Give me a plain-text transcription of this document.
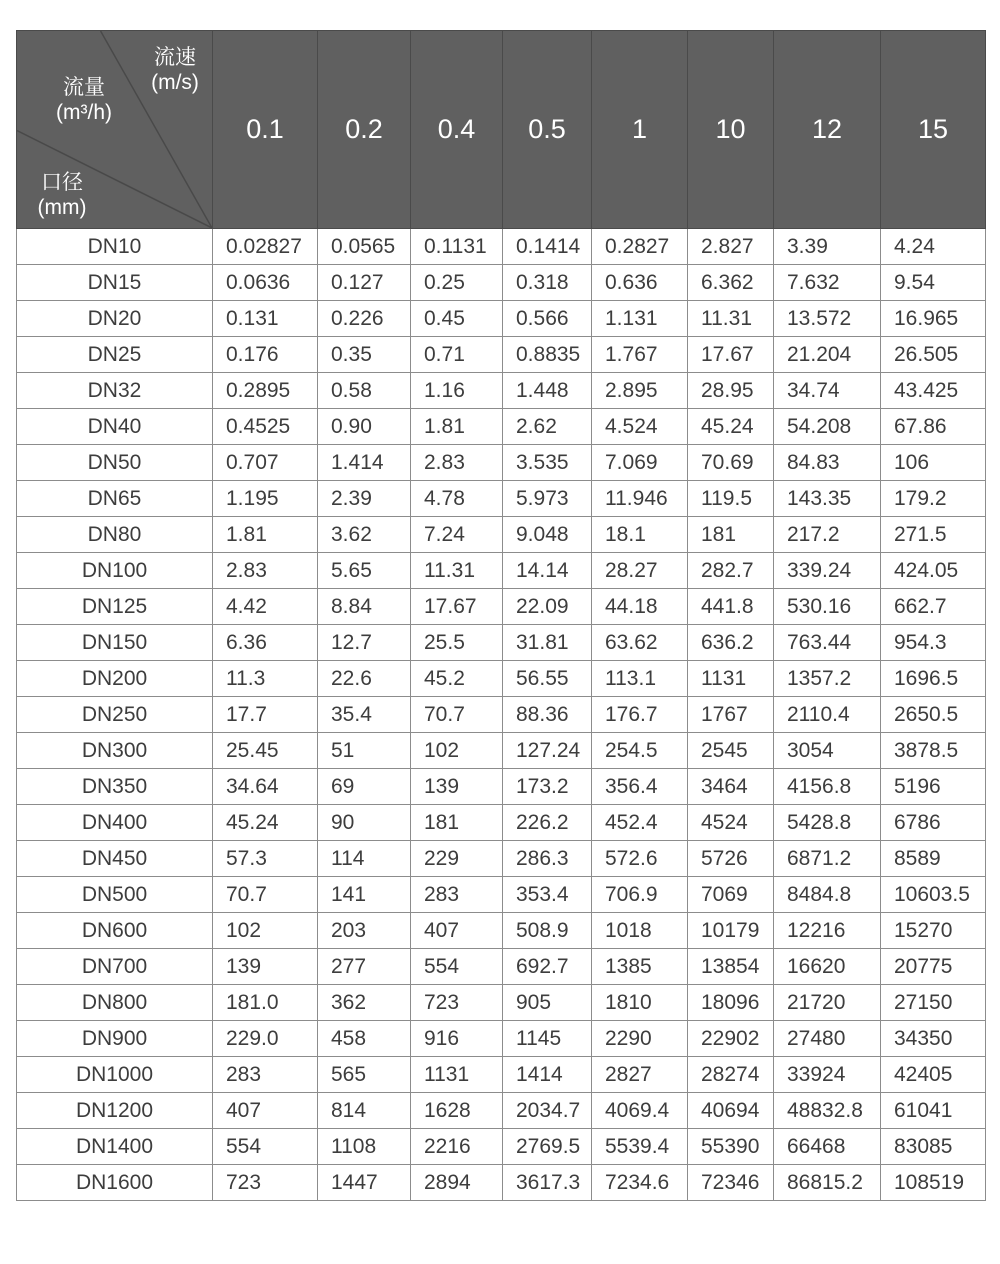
流速
(m/s)
流量
(m³/h)
口径
(mm)
	0.1	0.2	0.4	0.5	1	10	12	15
DN10	0.02827	0.0565	0.1131	0.1414	0.2827	2.827	3.39	4.24
DN15	0.0636	0.127	0.25	0.318	0.636	6.362	7.632	9.54
DN20	0.131	0.226	0.45	0.566	1.131	11.31	13.572	16.965
DN25	0.176	0.35	0.71	0.8835	1.767	17.67	21.204	26.505
DN32	0.2895	0.58	1.16	1.448	2.895	28.95	34.74	43.425
DN40	0.4525	0.90	1.81	2.62	4.524	45.24	54.208	67.86
DN50	0.707	1.414	2.83	3.535	7.069	70.69	84.83	106
DN65	1.195	2.39	4.78	5.973	11.946	119.5	143.35	179.2
DN80	1.81	3.62	7.24	9.048	18.1	181	217.2	271.5
DN100	2.83	5.65	11.31	14.14	28.27	282.7	339.24	424.05
DN125	4.42	8.84	17.67	22.09	44.18	441.8	530.16	662.7
DN150	6.36	12.7	25.5	31.81	63.62	636.2	763.44	954.3
DN200	11.3	22.6	45.2	56.55	113.1	1131	1357.2	1696.5
DN250	17.7	35.4	70.7	88.36	176.7	1767	2110.4	2650.5
DN300	25.45	51	102	127.24	254.5	2545	3054	3878.5
DN350	34.64	69	139	173.2	356.4	3464	4156.8	5196
DN400	45.24	90	181	226.2	452.4	4524	5428.8	6786
DN450	57.3	114	229	286.3	572.6	5726	6871.2	8589
DN500	70.7	141	283	353.4	706.9	7069	8484.8	10603.5
DN600	102	203	407	508.9	1018	10179	12216	15270
DN700	139	277	554	692.7	1385	13854	16620	20775
DN800	181.0	362	723	905	1810	18096	21720	27150
DN900	229.0	458	916	1145	2290	22902	27480	34350
DN1000	283	565	1131	1414	2827	28274	33924	42405
DN1200	407	814	1628	2034.7	4069.4	40694	48832.8	61041
DN1400	554	1108	2216	2769.5	5539.4	55390	66468	83085
DN1600	723	1447	2894	3617.3	7234.6	72346	86815.2	108519
